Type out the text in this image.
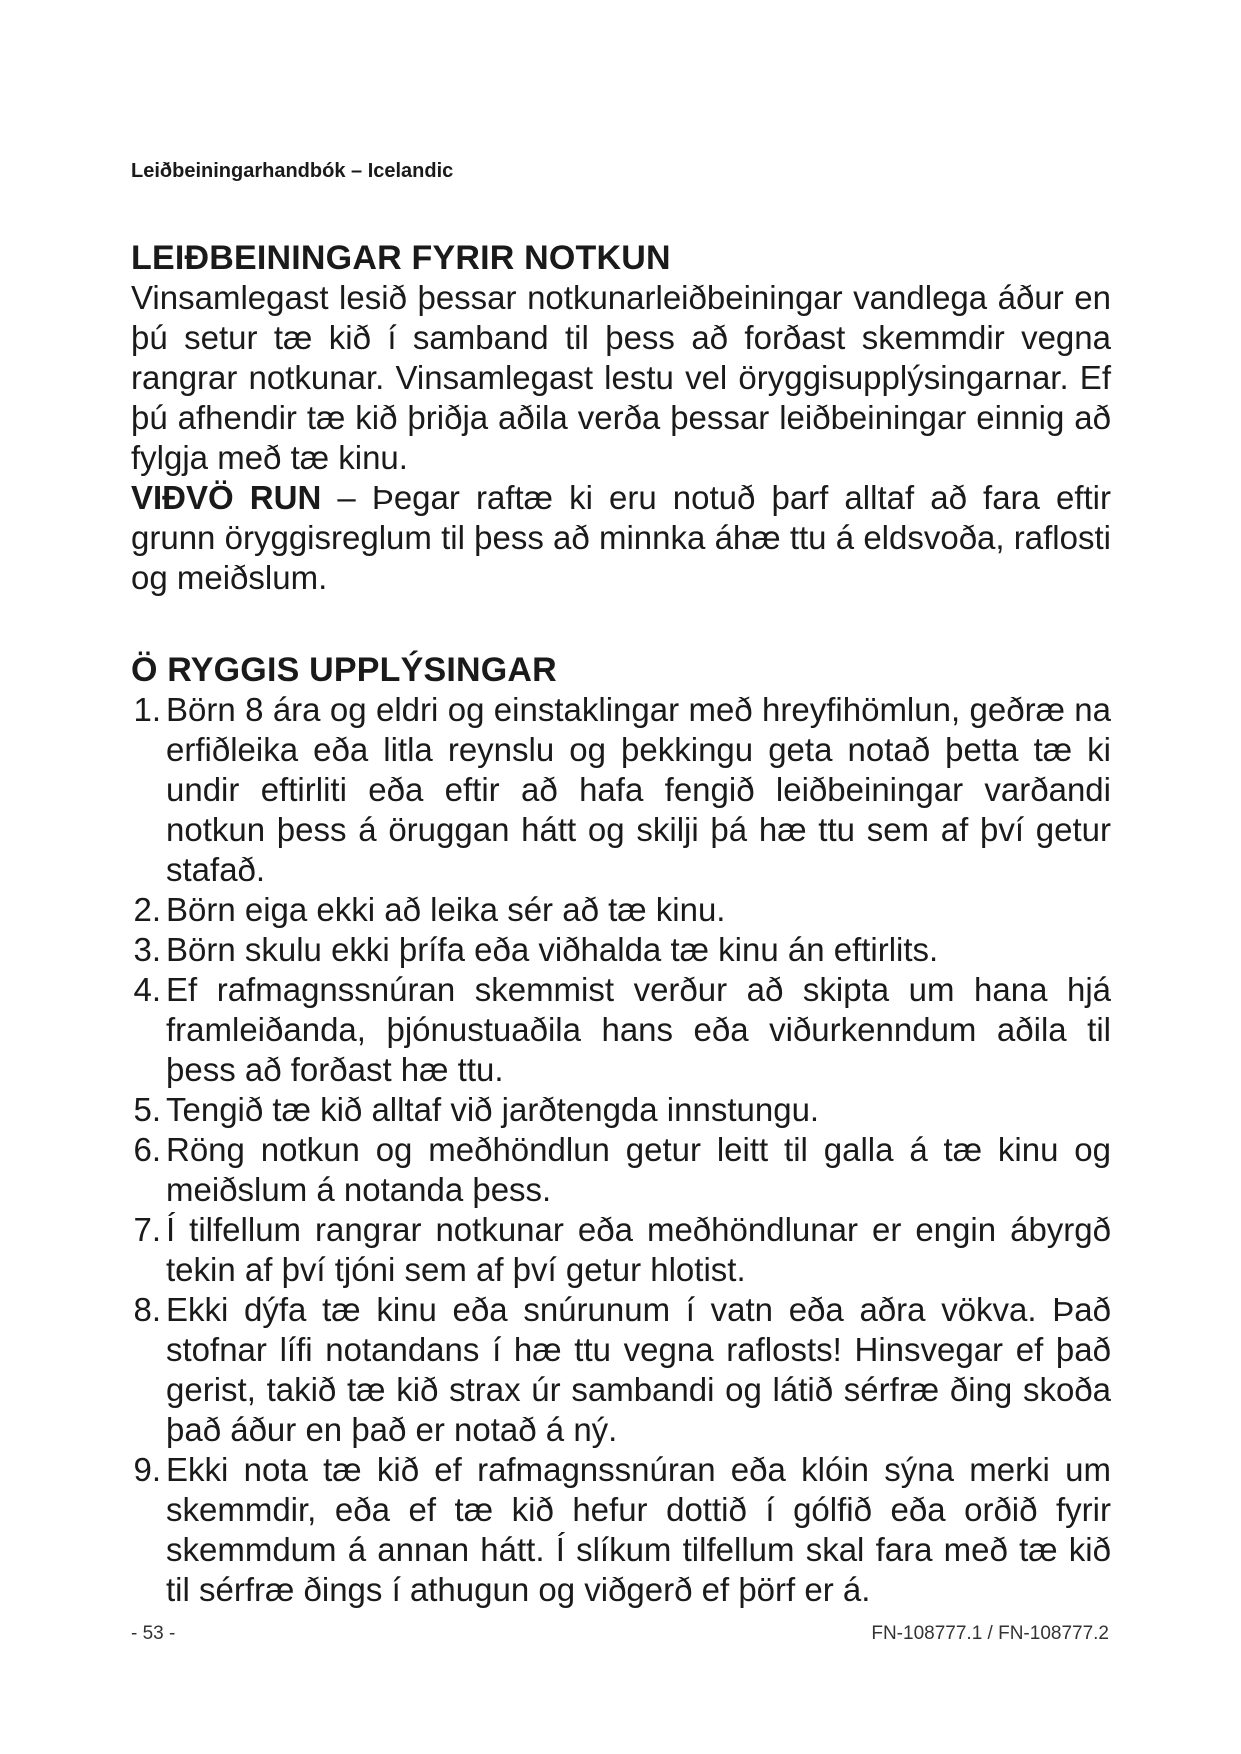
Leiðbeiningarhandbók – Icelandic
LEIÐBEININGAR FYRIR NOTKUN

Vinsamlegast lesið þessar notkunarleiðbeiningar vandlega áður en þú setur tæ kið í samband til þess að forðast skemmdir vegna rangrar notkunar. Vinsamlegast lestu vel öryggisupplýsingarnar. Ef þú afhendir tæ kið þriðja aðila verða þessar leiðbeiningar einnig að fylgja með tæ kinu.

VIÐVÖ RUN – Þegar raftæ ki eru notuð þarf alltaf að fara eftir grunn öryggisreglum til þess að minnka áhæ ttu á eldsvoða, raflosti og meiðslum.

Ö RYGGIS UPPLÝSINGAR
1. Börn 8 ára og eldri og einstaklingar með hreyfihömlun, geðræ na erfiðleika eða litla reynslu og þekkingu geta notað þetta tæ ki undir eftirliti eða eftir að hafa fengið leiðbeiningar varðandi notkun þess á öruggan hátt og skilji þá hæ ttu sem af því getur stafað.
2. Börn eiga ekki að leika sér að tæ kinu.
3. Börn skulu ekki þrífa eða viðhalda tæ kinu án eftirlits.
4. Ef rafmagnssnúran skemmist verður að skipta um hana hjá framleiðanda, þjónustuaðila hans eða viðurkenndum aðila til þess að forðast hæ ttu.
5. Tengið tæ kið alltaf við jarðtengda innstungu.
6. Röng notkun og meðhöndlun getur leitt til galla á tæ kinu og meiðslum á notanda þess.
7. Í tilfellum rangrar notkunar eða meðhöndlunar er engin ábyrgð tekin af því tjóni sem af því getur hlotist.
8. Ekki dýfa tæ kinu eða snúrunum í vatn eða aðra vökva. Það stofnar lífi notandans í hæ ttu vegna raflosts! Hinsvegar ef það gerist, takið tæ kið strax úr sambandi og látið sérfræ ðing skoða það áður en það er notað á ný.
9. Ekki nota tæ kið ef rafmagnssnúran eða klóin sýna merki um skemmdir, eða ef tæ kið hefur dottið í gólfið eða orðið fyrir skemmdum á annan hátt. Í slíkum tilfellum skal fara með tæ kið til sérfræ ðings í athugun og viðgerð ef þörf er á.
- 53 -	FN-108777.1 / FN-108777.2
